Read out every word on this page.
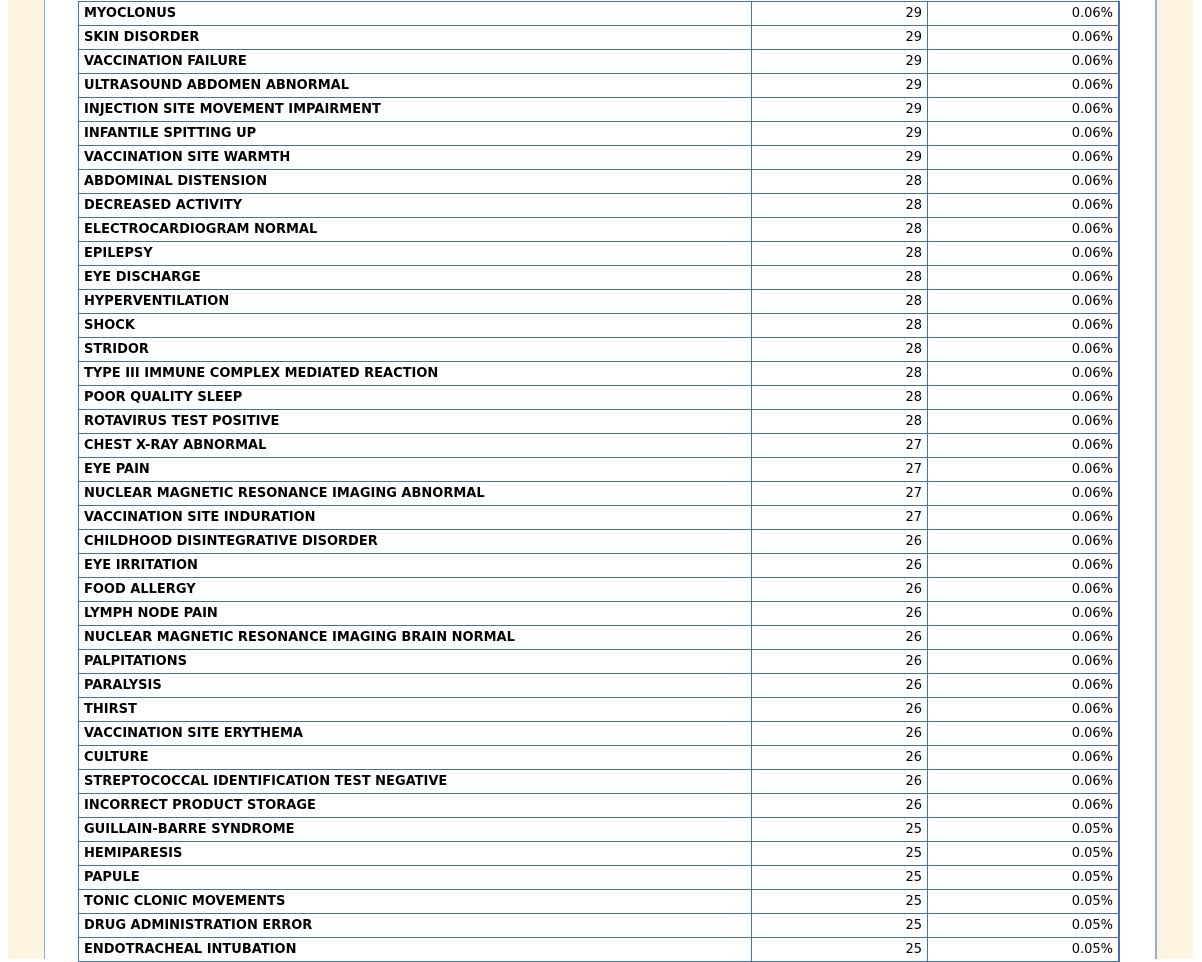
MYOCLONUS	29	0.06%
SKIN DISORDER	29	0.06%
VACCINATION FAILURE	29	0.06%
ULTRASOUND ABDOMEN ABNORMAL	29	0.06%
INJECTION SITE MOVEMENT IMPAIRMENT	29	0.06%
INFANTILE SPITTING UP	29	0.06%
VACCINATION SITE WARMTH	29	0.06%
ABDOMINAL DISTENSION	28	0.06%
DECREASED ACTIVITY	28	0.06%
ELECTROCARDIOGRAM NORMAL	28	0.06%
EPILEPSY	28	0.06%
EYE DISCHARGE	28	0.06%
HYPERVENTILATION	28	0.06%
SHOCK	28	0.06%
STRIDOR	28	0.06%
TYPE III IMMUNE COMPLEX MEDIATED REACTION	28	0.06%
POOR QUALITY SLEEP	28	0.06%
ROTAVIRUS TEST POSITIVE	28	0.06%
CHEST X-RAY ABNORMAL	27	0.06%
EYE PAIN	27	0.06%
NUCLEAR MAGNETIC RESONANCE IMAGING ABNORMAL	27	0.06%
VACCINATION SITE INDURATION	27	0.06%
CHILDHOOD DISINTEGRATIVE DISORDER	26	0.06%
EYE IRRITATION	26	0.06%
FOOD ALLERGY	26	0.06%
LYMPH NODE PAIN	26	0.06%
NUCLEAR MAGNETIC RESONANCE IMAGING BRAIN NORMAL	26	0.06%
PALPITATIONS	26	0.06%
PARALYSIS	26	0.06%
THIRST	26	0.06%
VACCINATION SITE ERYTHEMA	26	0.06%
CULTURE	26	0.06%
STREPTOCOCCAL IDENTIFICATION TEST NEGATIVE	26	0.06%
INCORRECT PRODUCT STORAGE	26	0.06%
GUILLAIN-BARRE SYNDROME	25	0.05%
HEMIPARESIS	25	0.05%
PAPULE	25	0.05%
TONIC CLONIC MOVEMENTS	25	0.05%
DRUG ADMINISTRATION ERROR	25	0.05%
ENDOTRACHEAL INTUBATION	25	0.05%
